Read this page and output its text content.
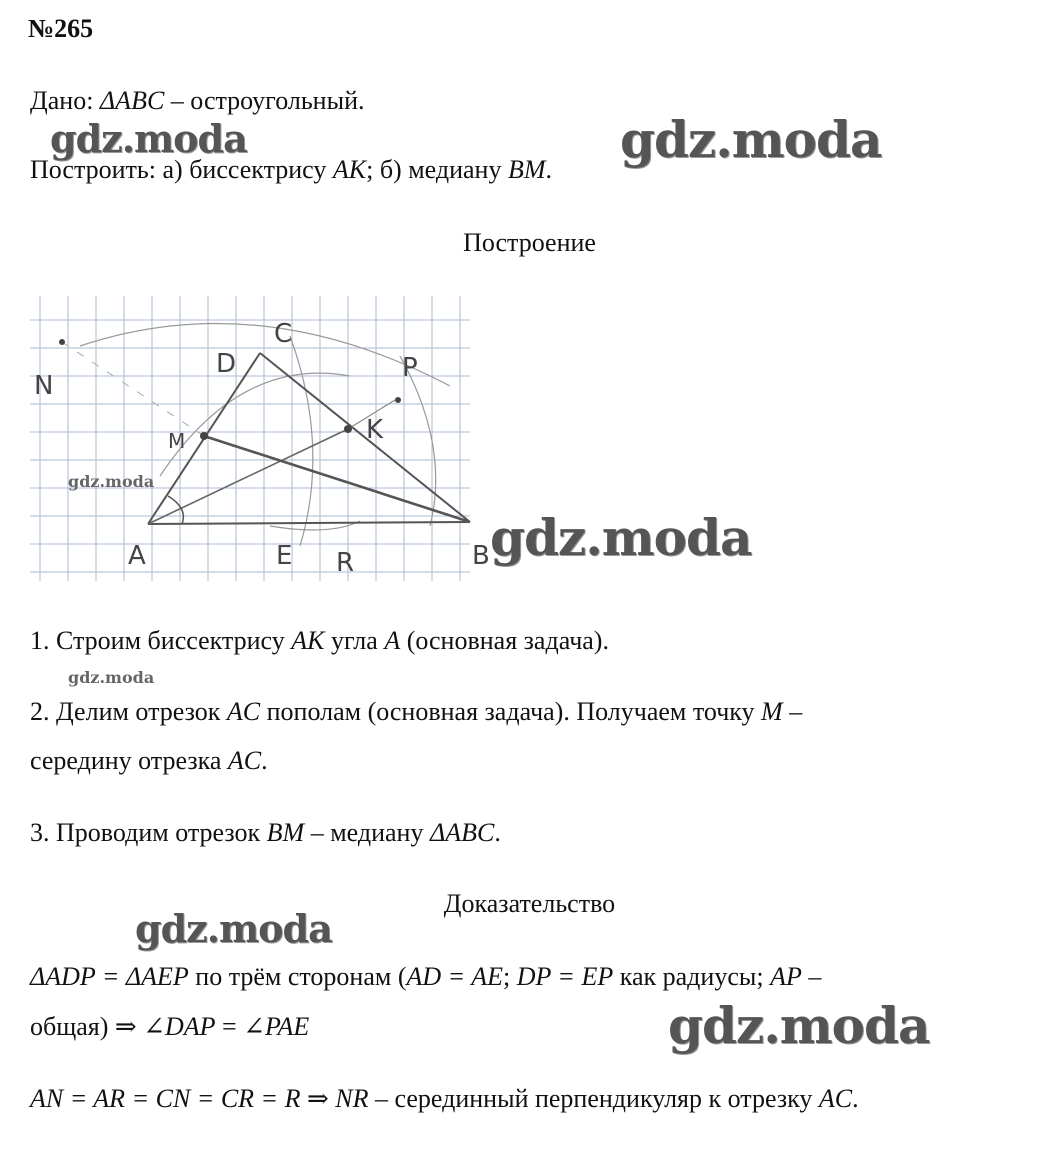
№265
Дано: ΔABC – остроугольный.
Построить: а) биссектрису AK; б) медиану BM.
Построение
A	B
C
D
E
P
K
R
N
M
1. Строим биссектрису AK угла A (основная задача).
2. Делим отрезок AC пополам (основная задача). Получаем точку M –
середину отрезка AC.
3. Проводим отрезок BM – медиану ΔABC.
Доказательство
ΔADP = ΔAEP по трём сторонам (AD = AE; DP = EP как радиусы; AP –
общая) ⇒ ∠DAP = ∠PAE
AN = AR = CN = CR = R ⇒ NR – серединный перпендикуляр к отрезку AC.
gdz.moda	gdz.moda
gdz.moda
gdz.moda
gdz.moda
gdz.moda
gdz.moda
